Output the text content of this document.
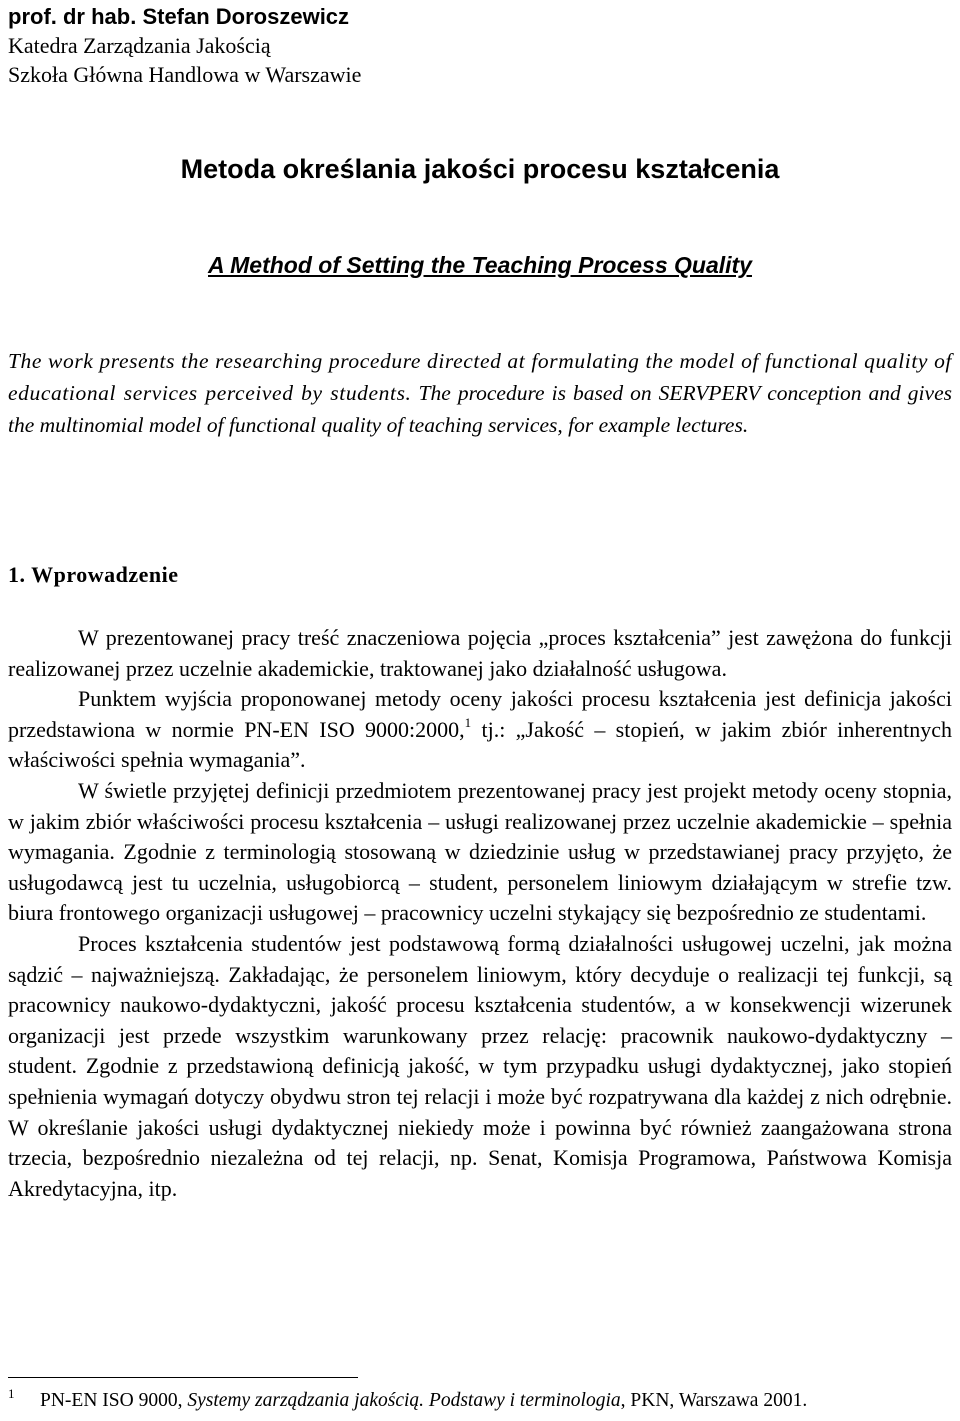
prof. dr hab. Stefan Doroszewicz
Katedra Zarządzania Jakością
Szkoła Główna Handlowa w Warszawie
Metoda określania jakości procesu kształcenia
A Method of Setting the Teaching Process Quality
The work presents the researching procedure directed at formulating the model of functional quality of educational services perceived by students. The procedure is based on SERVPERV conception and gives the multinomial model of functional quality of teaching services, for example lectures.
1. Wprowadzenie

W prezentowanej pracy treść znaczeniowa pojęcia „proces kształcenia” jest zawężona do funkcji realizowanej przez uczelnie akademickie, traktowanej jako działalność usługowa.

Punktem wyjścia proponowanej metody oceny jakości procesu kształcenia jest definicja jakości przedstawiona w normie PN-EN ISO 9000:2000,$^1$ tj.: „Jakość – stopień, w jakim zbiór inherentnych właściwości spełnia wymagania”.

W świetle przyjętej definicji przedmiotem prezentowanej pracy jest projekt metody oceny stopnia, w jakim zbiór właściwości procesu kształcenia – usługi realizowanej przez uczelnie akademickie – spełnia wymagania. Zgodnie z terminologią stosowaną w dziedzinie usług w przedstawianej pracy przyjęto, że usługodawcą jest tu uczelnia, usługobiorcą – student, personelem liniowym działającym w strefie tzw. biura frontowego organizacji usługowej – pracownicy uczelni stykający się bezpośrednio ze studentami.

Proces kształcenia studentów jest podstawową formą działalności usługowej uczelni, jak można sądzić – najważniejszą. Zakładając, że personelem liniowym, który decyduje o realizacji tej funkcji, są pracownicy naukowo-dydaktyczni, jakość procesu kształcenia studentów, a w konsekwencji wizerunek organizacji jest przede wszystkim warunkowany przez relację: pracownik naukowo-dydaktyczny – student. Zgodnie z przedstawioną definicją jakość, w tym przypadku usługi dydaktycznej, jako stopień spełnienia wymagań dotyczy obydwu stron tej relacji i może być rozpatrywana dla każdej z nich odrębnie. W określanie jakości usługi dydaktycznej niekiedy może i powinna być również zaangażowana strona trzecia, bezpośrednio niezależna od tej relacji, np. Senat, Komisja Programowa, Państwowa Komisja Akredytacyjna, itp.

1 PN-EN ISO 9000, Systemy zarządzania jakością. Podstawy i terminologia, PKN, Warszawa 2001.
